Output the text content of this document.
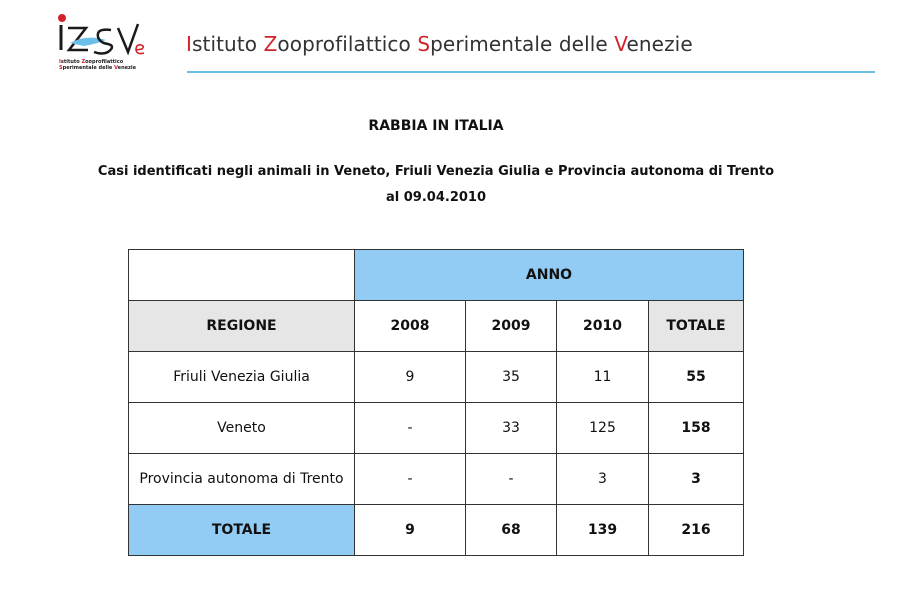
Istituto Zooprofilattico
Sperimentale delle Venezie
Istituto Zooprofilattico Sperimentale delle Venezie
RABBIA IN ITALIA
Casi identificati negli animali in Veneto, Friuli Venezia Giulia e Provincia autonoma di Trento
al 09.04.2010
	ANNO			
REGIONE	2008	2009	2010	TOTALE
Friuli Venezia Giulia	9	35	11	55
Veneto	-	33	125	158
Provincia autonoma di Trento	-	-	3	3
TOTALE	9	68	139	216
